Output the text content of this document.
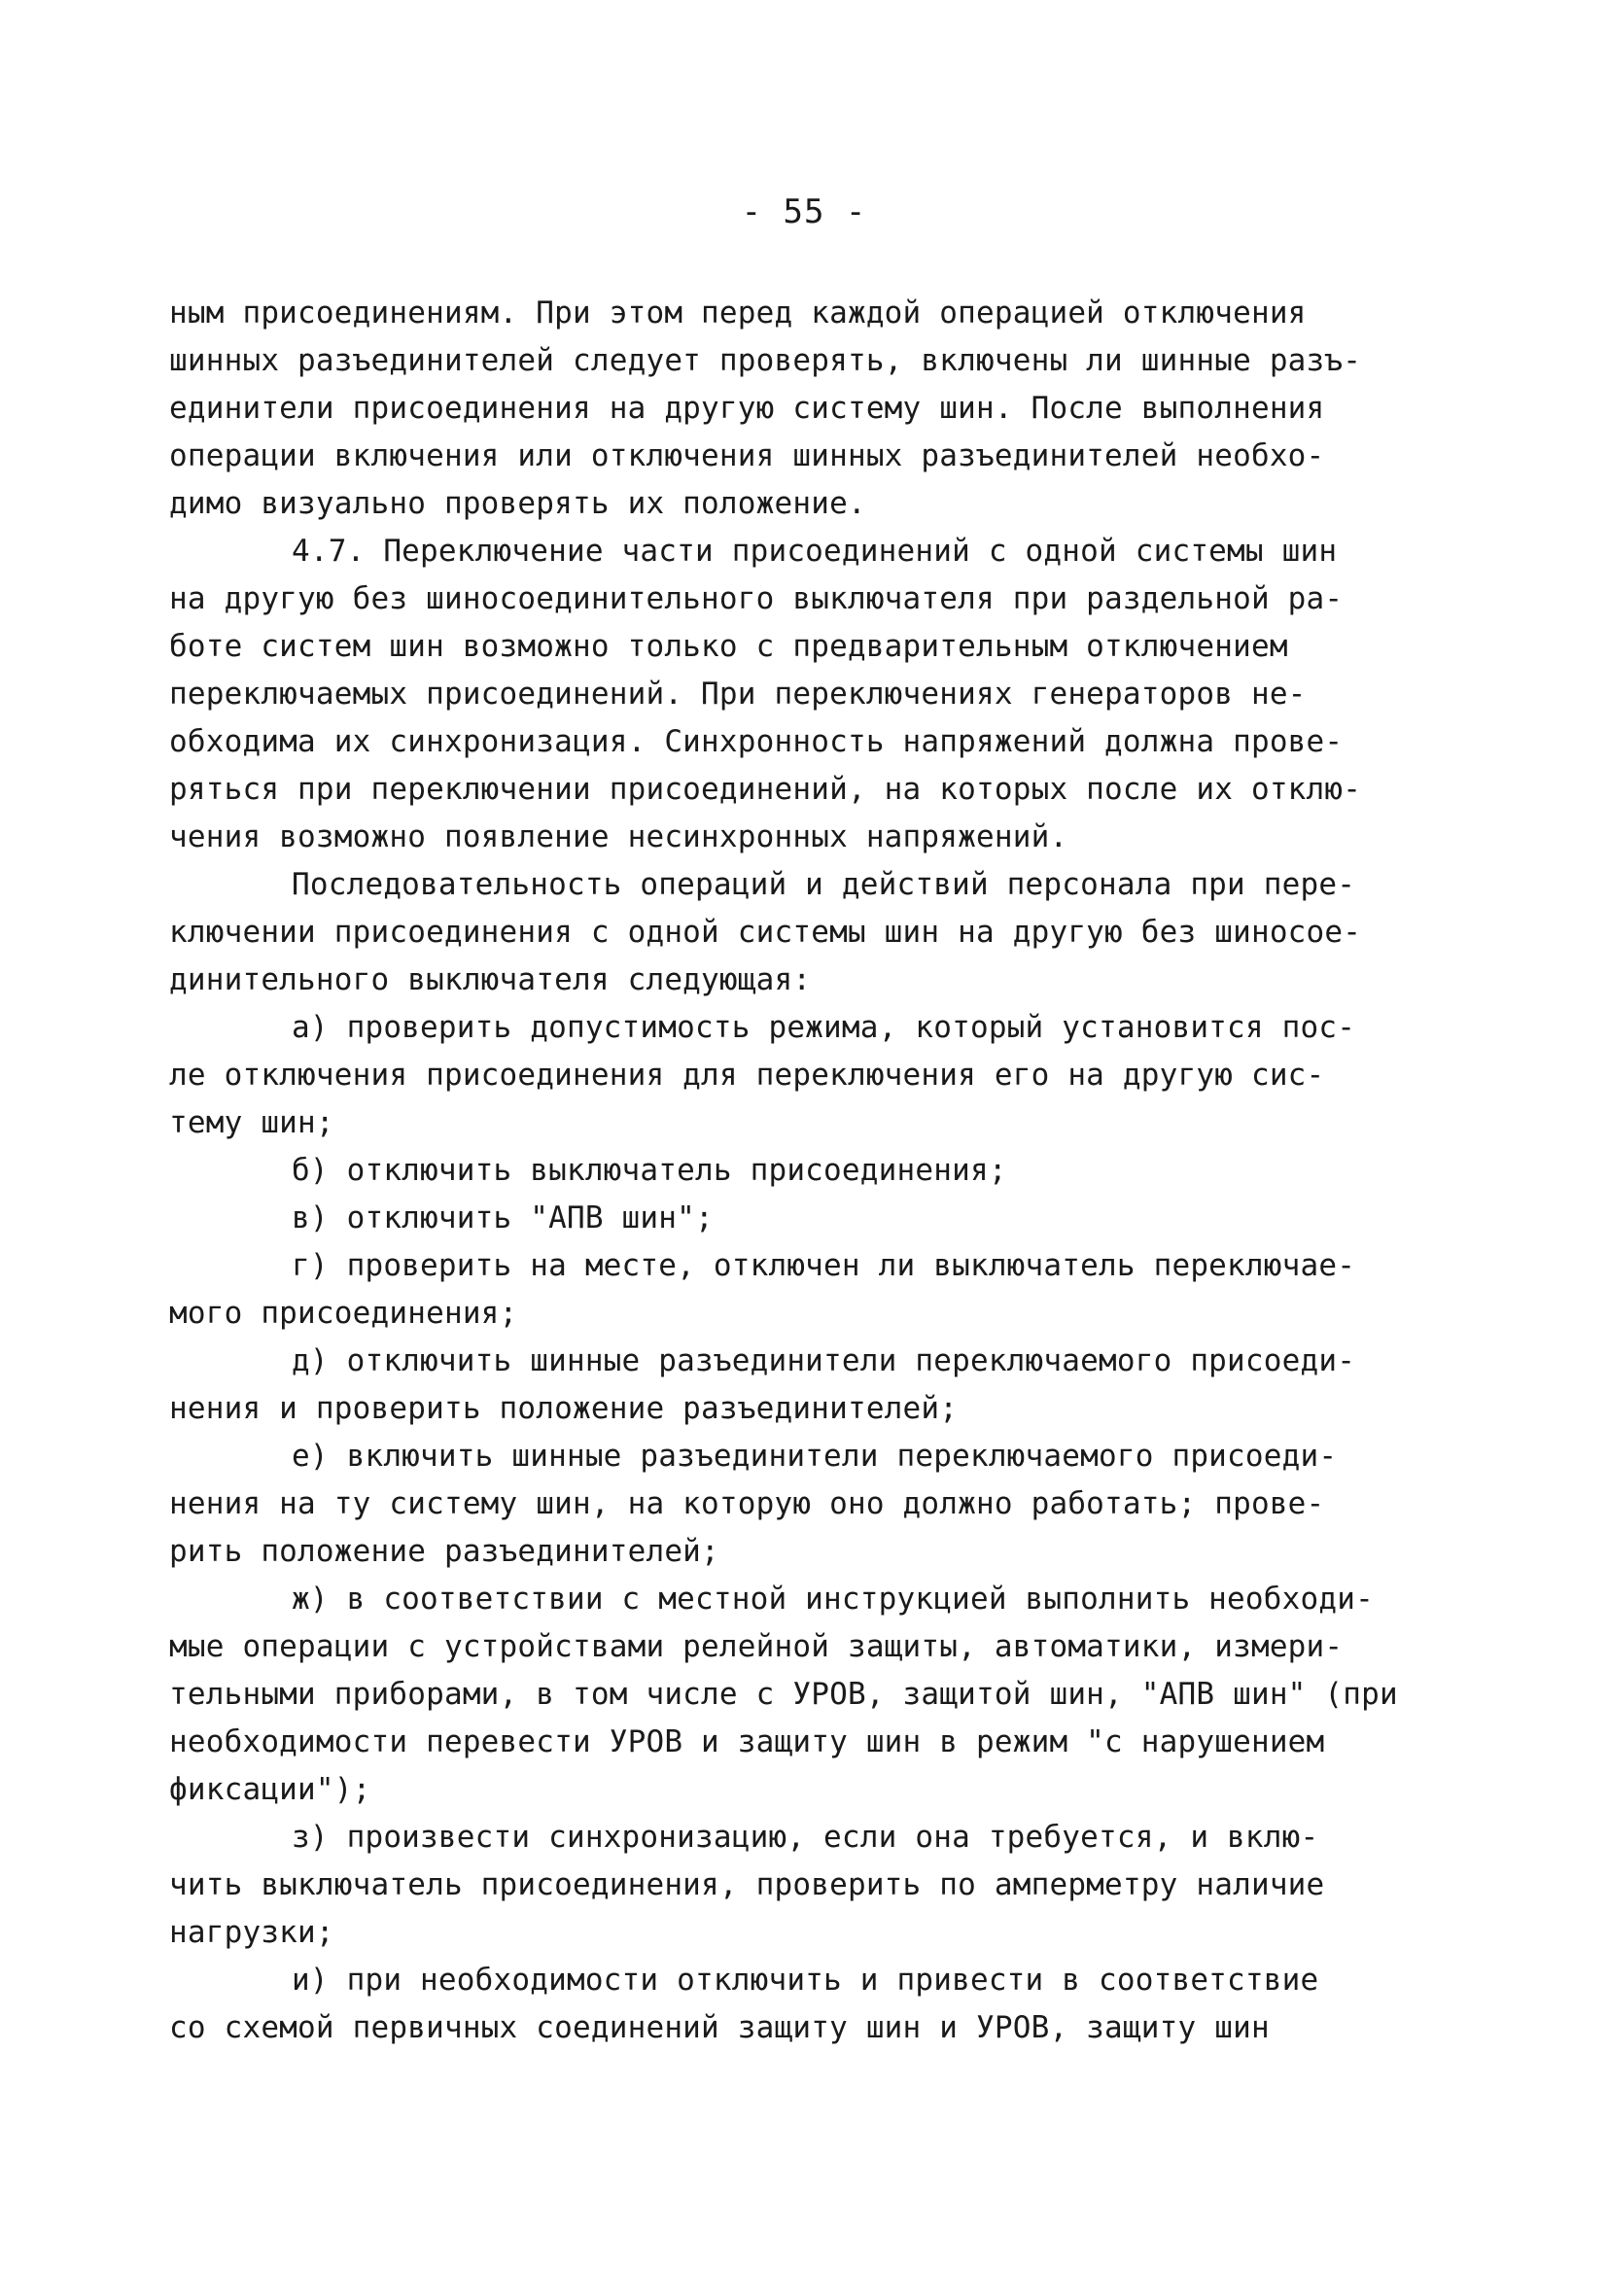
- 55 -
ным присоединениям. При этом перед каждой операцией отключения
шинных разъединителей следует проверять, включены ли шинные разъ-
единители присоединения на другую систему шин. После выполнения
операции включения или отключения шинных разъединителей необхо-
димо визуально проверять их положение.
4.7. Переключение части присоединений с одной системы шин
на другую без шиносоединительного выключателя при раздельной ра-
боте систем шин возможно только с предварительным отключением
переключаемых присоединений. При переключениях генераторов не-
обходима их синхронизация. Синхронность напряжений должна прове-
ряться при переключении присоединений, на которых после их отклю-
чения возможно появление несинхронных напряжений.
Последовательность операций и действий персонала при пере-
ключении присоединения с одной системы шин на другую без шиносое-
динительного выключателя следующая:
а) проверить допустимость режима, который установится пос-
ле отключения присоединения для переключения его на другую сис-
тему шин;
б) отключить выключатель присоединения;
в) отключить "АПВ шин";
г) проверить на месте, отключен ли выключатель переключае-
мого присоединения;
д) отключить шинные разъединители переключаемого присоеди-
нения и проверить положение разъединителей;
е) включить шинные разъединители переключаемого присоеди-
нения на ту систему шин, на которую оно должно работать; прове-
рить положение разъединителей;
ж) в соответствии с местной инструкцией выполнить необходи-
мые операции с устройствами релейной защиты, автоматики, измери-
тельными приборами, в том числе с УРОВ, защитой шин, "АПВ шин" (при
необходимости перевести УРОВ и защиту шин в режим "с нарушением
фиксации");
з) произвести синхронизацию, если она требуется, и вклю-
чить выключатель присоединения, проверить по амперметру наличие
нагрузки;
и) при необходимости отключить и привести в соответствие
со схемой первичных соединений защиту шин и УРОВ, защиту шин
